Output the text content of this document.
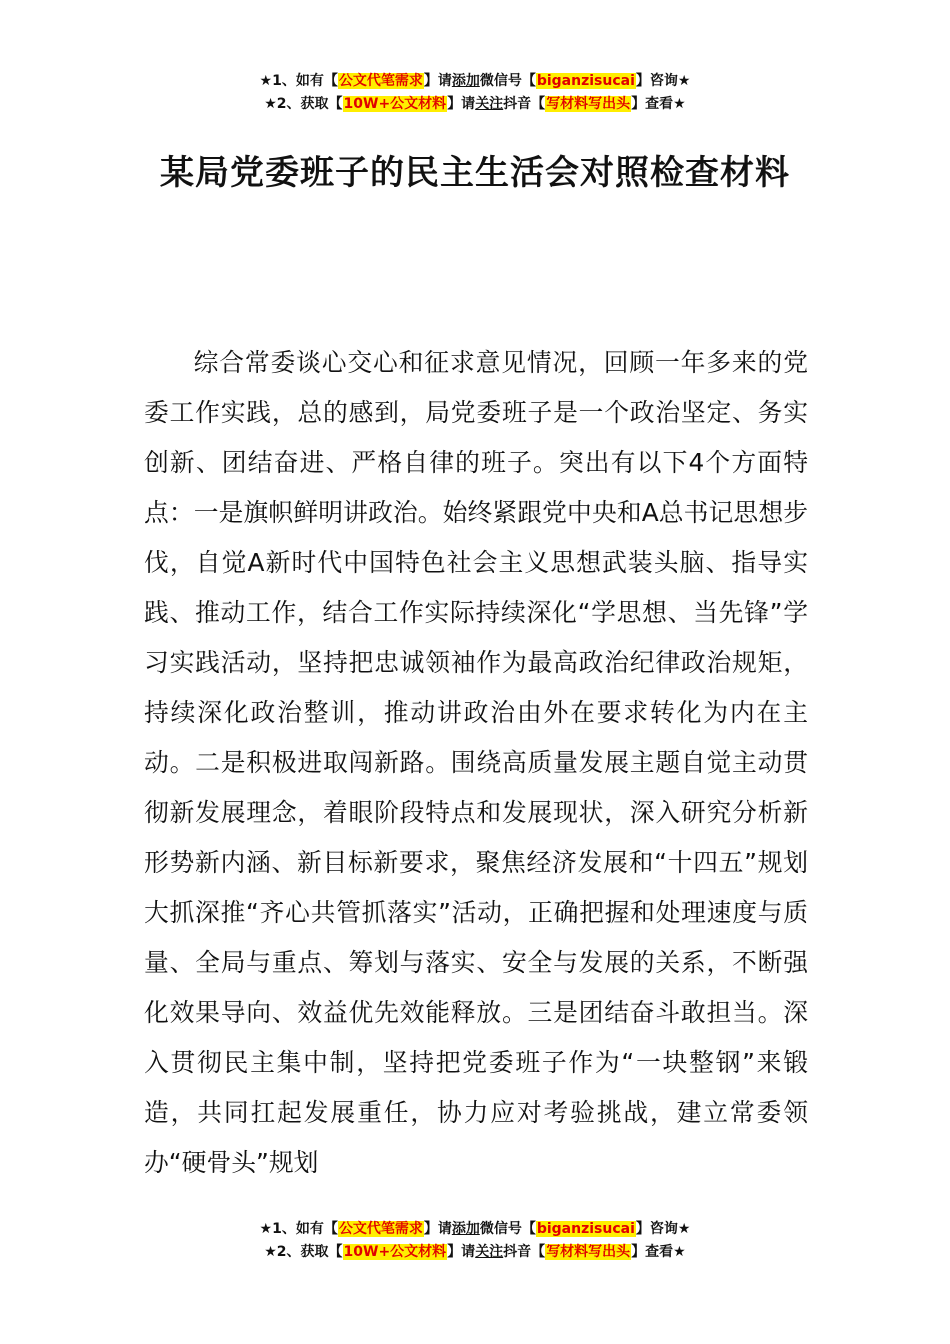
★1、如有【公文代笔需求】请添加微信号【biganzisucai】咨询★
★2、获取【10W+公文材料】请关注抖音【写材料写出头】查看★
某局党委班子的民主生活会对照检查材料
综合常委谈心交心和征求意见情况，回顾一年多来的党委工作实践，总的感到，局党委班子是一个政治坚定、务实创新、团结奋进、严格自律的班子。突出有以下4个方面特点：一是旗帜鲜明讲政治。始终紧跟党中央和A总书记思想步伐，自觉A新时代中国特色社会主义思想武装头脑、指导实践、推动工作，结合工作实际持续深化“学思想、当先锋”学习实践活动，坚持把忠诚领袖作为最高政治纪律政治规矩，持续深化政治整训，推动讲政治由外在要求转化为内在主动。二是积极进取闯新路。围绕高质量发展主题自觉主动贯彻新发展理念，着眼阶段特点和发展现状，深入研究分析新形势新内涵、新目标新要求，聚焦经济发展和“十四五”规划大抓深推“齐心共管抓落实”活动，正确把握和处理速度与质量、全局与重点、筹划与落实、安全与发展的关系，不断强化效果导向、效益优先效能释放。三是团结奋斗敢担当。深入贯彻民主集中制，坚持把党委班子作为“一块整钢”来锻造，共同扛起发展重任，协力应对考验挑战，建立常委领办“硬骨头”规划
★1、如有【公文代笔需求】请添加微信号【biganzisucai】咨询★
★2、获取【10W+公文材料】请关注抖音【写材料写出头】查看★
